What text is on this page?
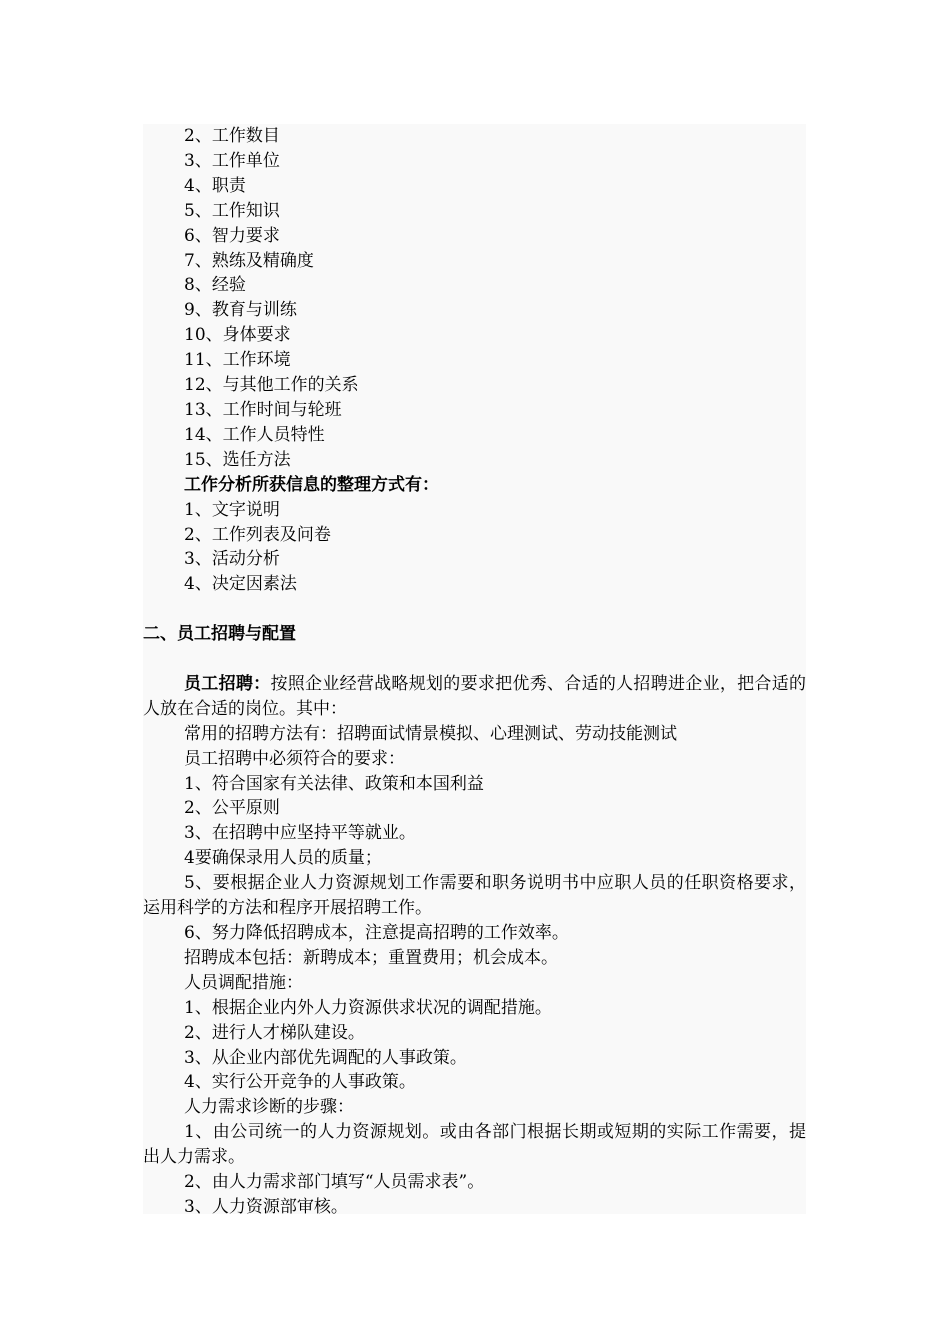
2、工作数目

3、工作单位

4、职责

5、工作知识

6、智力要求

7、熟练及精确度

8、经验

9、教育与训练

10、身体要求

11、工作环境

12、与其他工作的关系

13、工作时间与轮班

14、工作人员特性

15、选任方法

工作分析所获信息的整理方式有：

1、文字说明

2、工作列表及问卷

3、活动分析

4、决定因素法

二、员工招聘与配置

员工招聘：按照企业经营战略规划的要求把优秀、合适的人招聘进企业，把合适的人放在合适的岗位。其中：

常用的招聘方法有：招聘面试情景模拟、心理测试、劳动技能测试

员工招聘中必须符合的要求：

1、符合国家有关法律、政策和本国利益

2、公平原则

3、在招聘中应坚持平等就业。

4要确保录用人员的质量；

5、要根据企业人力资源规划工作需要和职务说明书中应职人员的任职资格要求，运用科学的方法和程序开展招聘工作。

6、努力降低招聘成本，注意提高招聘的工作效率。

招聘成本包括：新聘成本；重置费用；机会成本。

人员调配措施：

1、根据企业内外人力资源供求状况的调配措施。

2、进行人才梯队建设。

3、从企业内部优先调配的人事政策。

4、实行公开竞争的人事政策。

人力需求诊断的步骤：

1、由公司统一的人力资源规划。或由各部门根据长期或短期的实际工作需要，提出人力需求。

2、由人力需求部门填写“人员需求表”。

3、人力资源部审核。
